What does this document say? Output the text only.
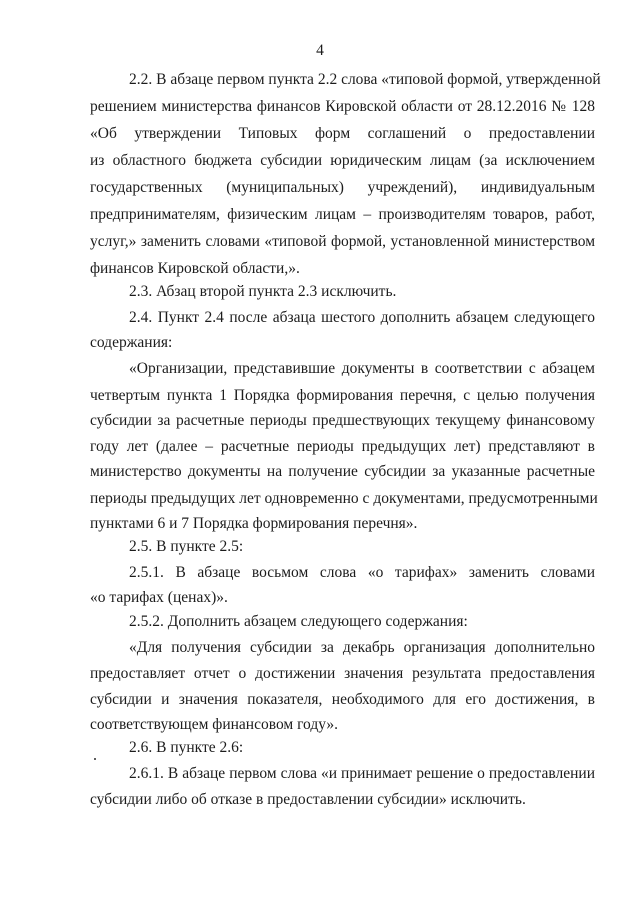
4
2.2. В абзаце первом пункта 2.2 слова «типовой формой, утвержденной
решением министерства финансов Кировской области от 28.12.2016 № 128
«Об утверждении Типовых форм соглашений о предоставлении
из областного бюджета субсидии юридическим лицам (за исключением
государственных (муниципальных) учреждений), индивидуальным
предпринимателям, физическим лицам – производителям товаров, работ,
услуг,» заменить словами «типовой формой, установленной министерством
финансов Кировской области,».
2.3. Абзац второй пункта 2.3 исключить.
2.4. Пункт 2.4 после абзаца шестого дополнить абзацем следующего
содержания:
«Организации, представившие документы в соответствии с абзацем
четвертым пункта 1 Порядка формирования перечня, с целью получения
субсидии за расчетные периоды предшествующих текущему финансовому
году лет (далее – расчетные периоды предыдущих лет) представляют в
министерство документы на получение субсидии за указанные расчетные
периоды предыдущих лет одновременно с документами, предусмотренными
пунктами 6 и 7 Порядка формирования перечня».
2.5. В пункте 2.5:
2.5.1. В абзаце восьмом слова «о тарифах» заменить словами
«о тарифах (ценах)».
2.5.2. Дополнить абзацем следующего содержания:
«Для получения субсидии за декабрь организация дополнительно
предоставляет отчет о достижении значения результата предоставления
субсидии и значения показателя, необходимого для его достижения, в
соответствующем финансовом году».
2.6. В пункте 2.6:
2.6.1. В абзаце первом слова «и принимает решение о предоставлении
субсидии либо об отказе в предоставлении субсидии» исключить.
